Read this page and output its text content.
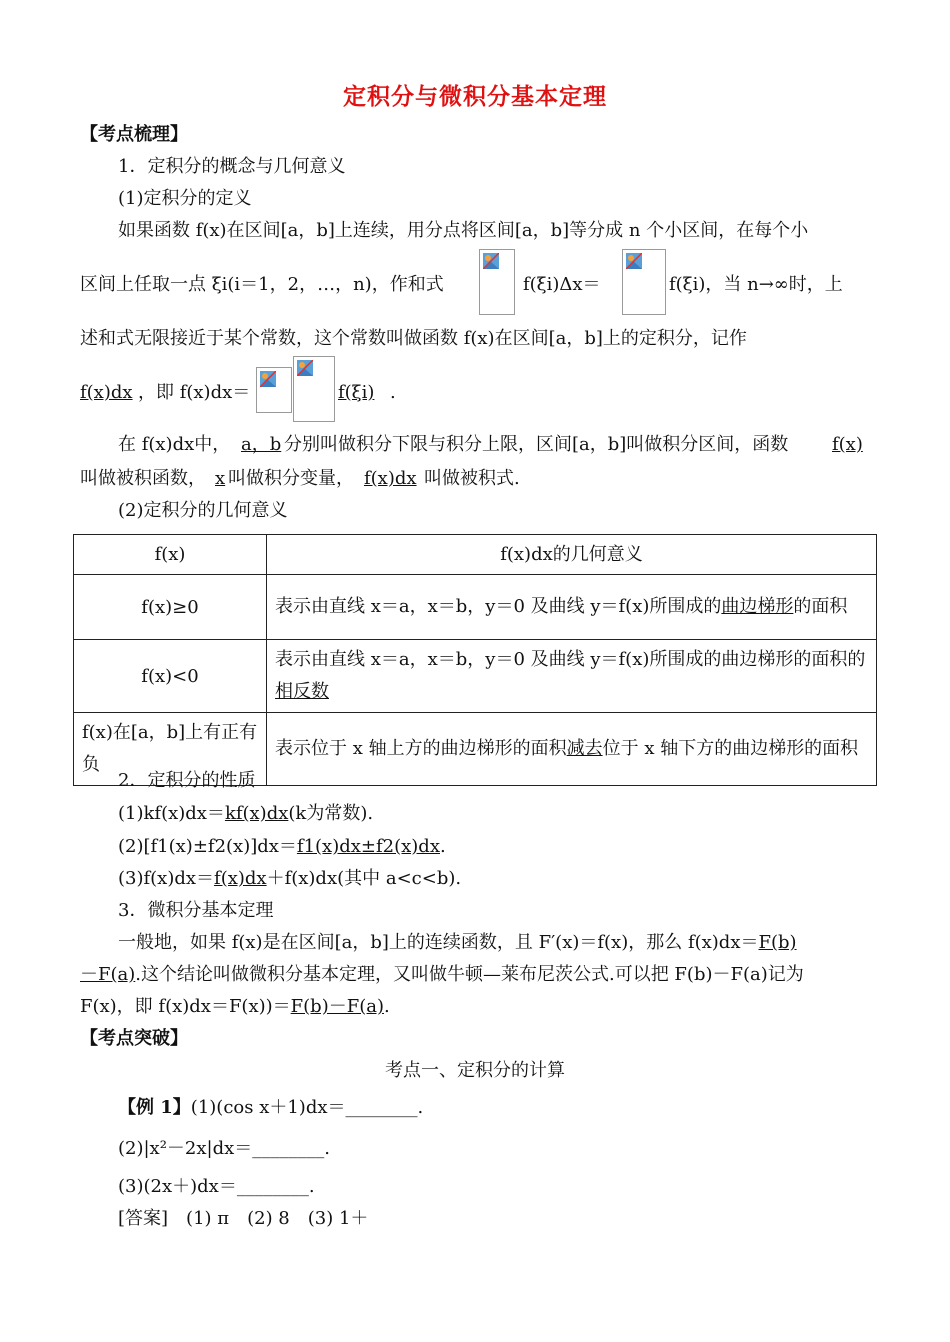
定积分与微积分基本定理
【考点梳理】
1．定积分的概念与几何意义
(1)定积分的定义
如果函数 f(x)在区间[a，b]上连续，用分点将区间[a，b]等分成 n 个小区间，在每个小
区间上任取一点 ξi(i＝1，2，…，n)，作和式	f(ξi)Δx＝	f(ξi)，当 n→∞时，上
述和式无限接近于某个常数，这个常数叫做函数 f(x)在区间[a，b]上的定积分，记作
f(x)dx ，即 f(x)dx＝	f(ξi) .
在 f(x)dx中， a，b 分别叫做积分下限与积分上限，区间[a，b]叫做积分区间，函数 f(x)
叫做被积函数， x 叫做积分变量， f(x)dx 叫做被积式.
(2)定积分的几何意义
f(x)	f(x)dx的几何意义
f(x)≥0	表示由直线 x＝a，x＝b，y＝0 及曲线 y＝f(x)所围成的曲边梯形的面积
f(x)<0	表示由直线 x＝a，x＝b，y＝0 及曲线 y＝f(x)所围成的曲边梯形的面积的相反数
f(x)在[a，b]上有正有负	表示位于 x 轴上方的曲边梯形的面积减去位于 x 轴下方的曲边梯形的面积
2．定积分的性质
(1)kf(x)dx＝kf(x)dx(k为常数).
(2)[f1(x)±f2(x)]dx＝f1(x)dx±f2(x)dx.
(3)f(x)dx＝f(x)dx＋f(x)dx(其中 a<c<b).
3．微积分基本定理
一般地，如果 f(x)是在区间[a，b]上的连续函数，且 F′(x)＝f(x)，那么 f(x)dx＝F(b)
－F(a).这个结论叫做微积分基本定理，又叫做牛顿—莱布尼茨公式.可以把 F(b)－F(a)记为
F(x)，即 f(x)dx＝F(x))＝F(b)－F(a).
【考点突破】
考点一、定积分的计算
【例 1】(1)(cos x＋1)dx＝________.
(2)|x²－2x|dx＝________.
(3)(2x＋)dx＝________.
[答案]　(1) π　(2) 8　(3) 1＋
